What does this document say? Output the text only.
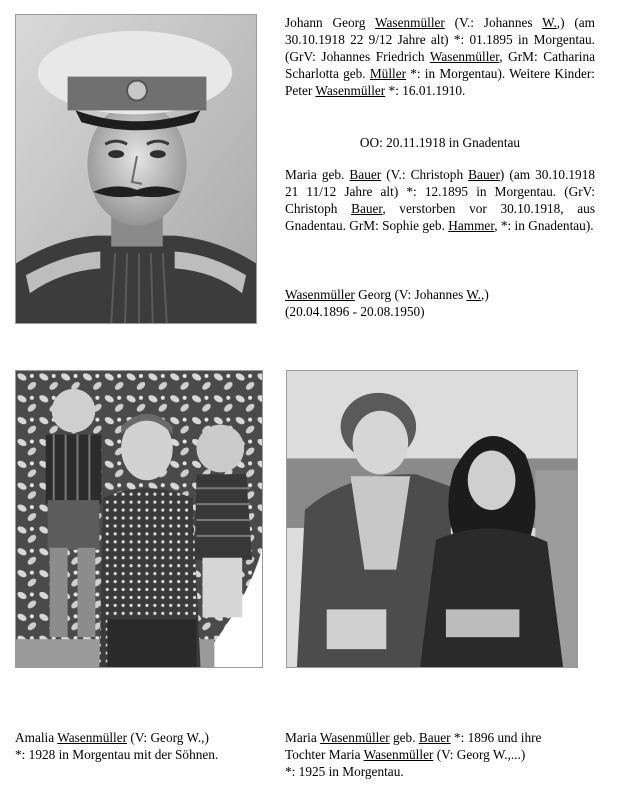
Johann Georg Wasenmüller (V.: Johannes W.,) (am 30.10.1918 22 9/12 Jahre alt) *: 01.1895 in Morgentau. (GrV: Johannes Friedrich Wasenmüller, GrM: Catharina Scharlotta geb. Müller *: in Morgentau). Weitere Kinder: Peter Wasenmüller *: 16.01.1910.
OO: 20.11.1918 in Gnadentau
Maria geb. Bauer (V.: Christoph Bauer) (am 30.10.1918 21 11/12 Jahre alt) *: 12.1895 in Morgentau. (GrV: Christoph Bauer, verstorben vor 30.10.1918, aus Gnadentau. GrM: Sophie geb. Hammer, *: in Gnadentau).

Wasenmüller Georg (V: Johannes W.,)

(20.04.1896 - 20.08.1950)

Amalia Wasenmüller (V: Georg W.,)

*: 1928 in Morgentau mit der Söhnen.

Maria Wasenmüller geb. Bauer *: 1896 und ihre

Tochter Maria Wasenmüller (V: Georg W.,...)

*: 1925 in Morgentau.
